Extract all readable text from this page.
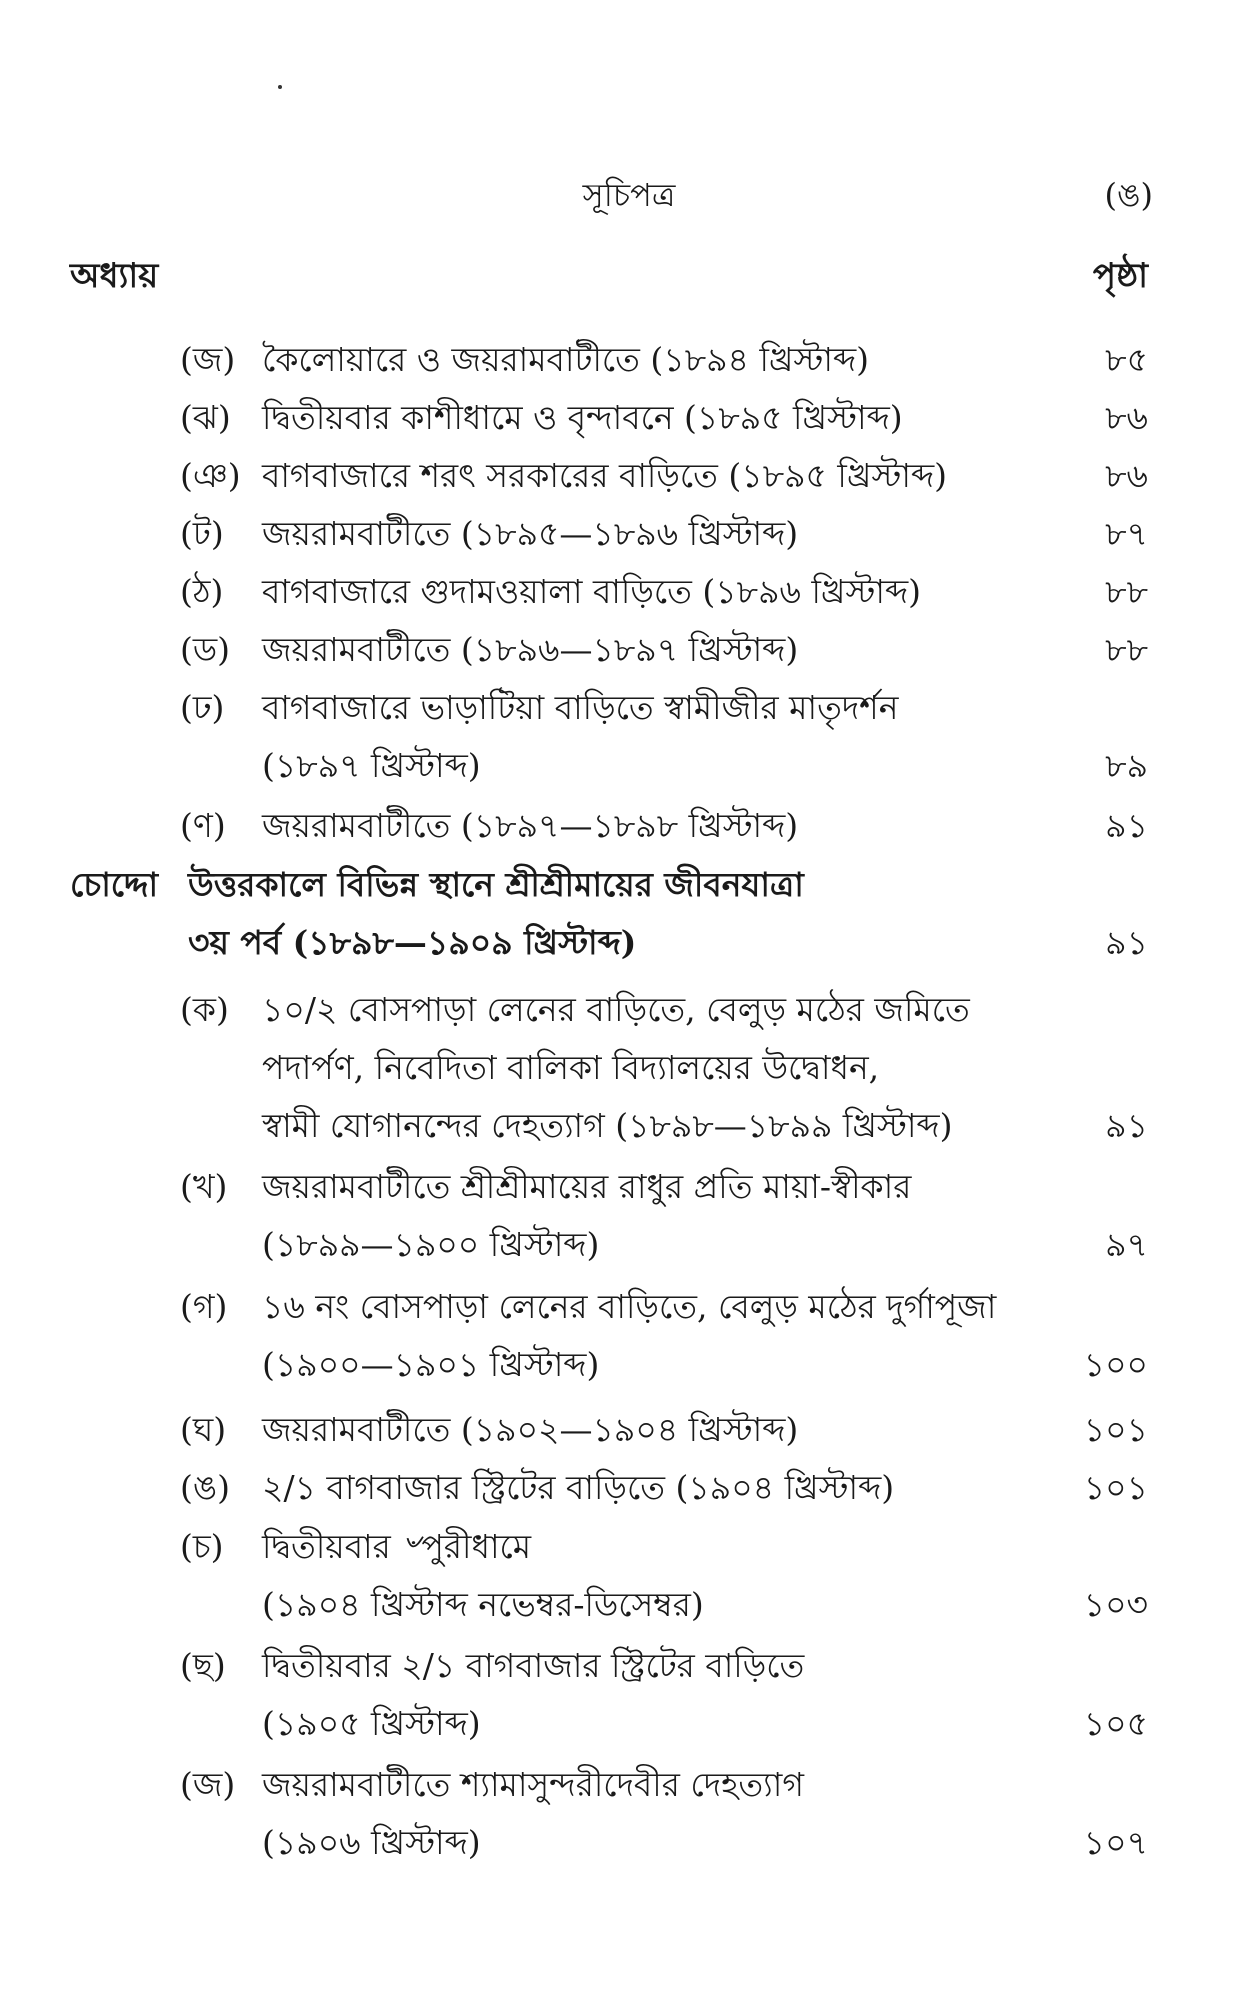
সূচিপত্র	(ঙ)
অধ্যায়	পৃষ্ঠা
(জ) কৈলোয়ারে ও জয়রামবাটীতে (১৮৯৪ খ্রিস্টাব্দ)	৮৫
(ঝ) দ্বিতীয়বার কাশীধামে ও বৃন্দাবনে (১৮৯৫ খ্রিস্টাব্দ)	৮৬
(ঞ) বাগবাজারে শরৎ সরকারের বাড়িতে (১৮৯৫ খ্রিস্টাব্দ)	৮৬
(ট) জয়রামবাটীতে (১৮৯৫—১৮৯৬ খ্রিস্টাব্দ)	৮৭
(ঠ) বাগবাজারে গুদামওয়ালা বাড়িতে (১৮৯৬ খ্রিস্টাব্দ)	৮৮
(ড) জয়রামবাটীতে (১৮৯৬—১৮৯৭ খ্রিস্টাব্দ)	৮৮
(ঢ) বাগবাজারে ভাড়াটিয়া বাড়িতে স্বামীজীর মাতৃদর্শন
(১৮৯৭ খ্রিস্টাব্দ)	৮৯
(ণ) জয়রামবাটীতে (১৮৯৭—১৮৯৮ খ্রিস্টাব্দ)	৯১
চোদ্দো উত্তরকালে বিভিন্ন স্থানে শ্রীশ্রীমায়ের জীবনযাত্রা
৩য় পর্ব (১৮৯৮—১৯০৯ খ্রিস্টাব্দ)	৯১
(ক) ১০/২ বোসপাড়া লেনের বাড়িতে, বেলুড় মঠের জমিতে
পদার্পণ, নিবেদিতা বালিকা বিদ্যালয়ের উদ্বোধন,
স্বামী যোগানন্দের দেহত্যাগ (১৮৯৮—১৮৯৯ খ্রিস্টাব্দ)	৯১
(খ) জয়রামবাটীতে শ্রীশ্রীমায়ের রাধুর প্রতি মায়া-স্বীকার
(১৮৯৯—১৯০০ খ্রিস্টাব্দ)	৯৭
(গ) ১৬ নং বোসপাড়া লেনের বাড়িতে, বেলুড় মঠের দুর্গাপূজা
(১৯০০—১৯০১ খ্রিস্টাব্দ)	১০০
(ঘ) জয়রামবাটীতে (১৯০২—১৯০৪ খ্রিস্টাব্দ)	১০১
(ঙ) ২/১ বাগবাজার স্ট্রিটের বাড়িতে (১৯০৪ খ্রিস্টাব্দ)	১০১
(চ) দ্বিতীয়বার ৺পুরীধামে
(১৯০৪ খ্রিস্টাব্দ নভেম্বর-ডিসেম্বর)	১০৩
(ছ) দ্বিতীয়বার ২/১ বাগবাজার স্ট্রিটের বাড়িতে
(১৯০৫ খ্রিস্টাব্দ)	১০৫
(জ) জয়রামবাটীতে শ্যামাসুন্দরীদেবীর দেহত্যাগ
(১৯০৬ খ্রিস্টাব্দ)	১০৭
